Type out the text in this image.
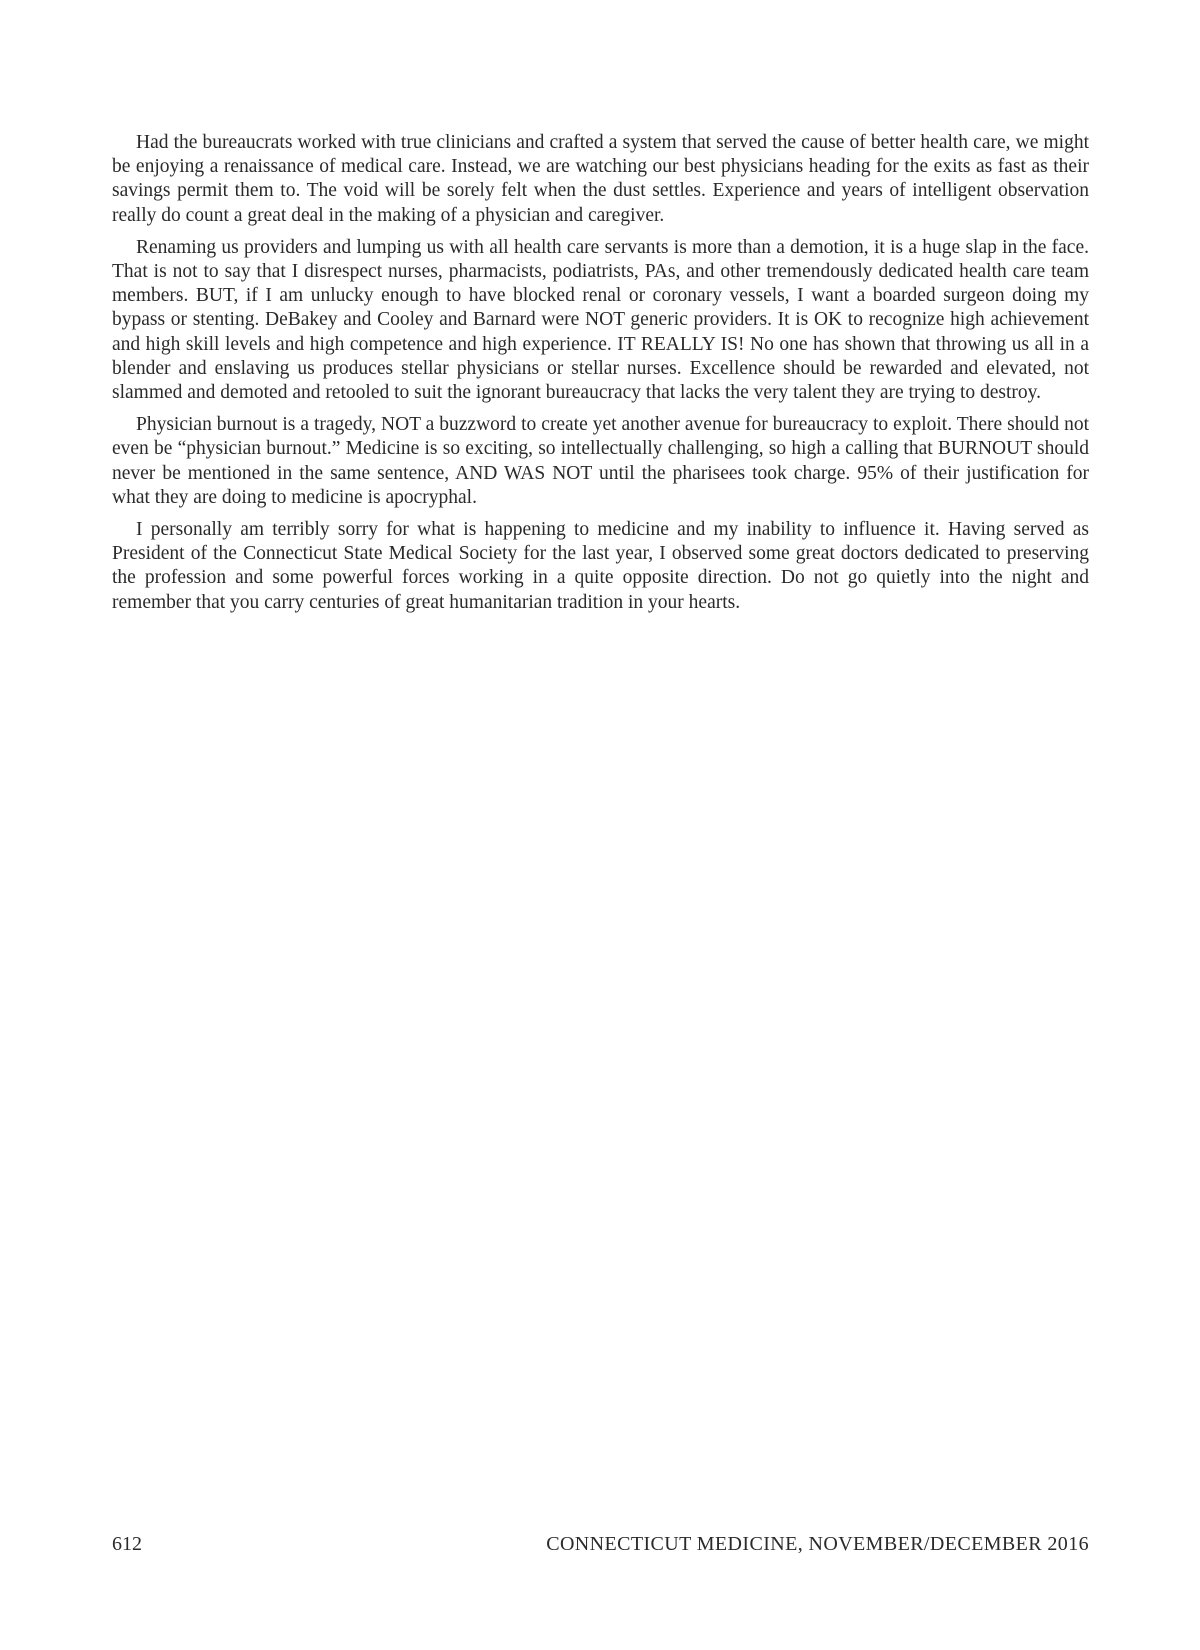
Had the bureaucrats worked with true clinicians and crafted a system that served the cause of better health care, we might be enjoying a renaissance of medical care. Instead, we are watching our best physicians heading for the exits as fast as their savings permit them to. The void will be sorely felt when the dust settles. Experience and years of intelligent observation really do count a great deal in the making of a physician and caregiver.

Renaming us providers and lumping us with all health care servants is more than a demotion, it is a huge slap in the face. That is not to say that I disrespect nurses, pharmacists, podiatrists, PAs, and other tremendously dedicated health care team members. BUT, if I am unlucky enough to have blocked renal or coronary vessels, I want a boarded surgeon doing my bypass or stenting. DeBakey and Cooley and Barnard were NOT generic providers. It is OK to recognize high achievement and high skill levels and high competence and high experience. IT REALLY IS! No one has shown that throwing us all in a blender and enslaving us produces stellar physicians or stellar nurses. Excellence should be rewarded and elevated, not slammed and demoted and retooled to suit the ignorant bureaucracy that lacks the very talent they are trying to destroy.

Physician burnout is a tragedy, NOT a buzzword to create yet another avenue for bureaucracy to exploit. There should not even be “physician burnout.” Medicine is so exciting, so intellectually challenging, so high a calling that BURNOUT should never be mentioned in the same sentence, AND WAS NOT until the pharisees took charge. 95% of their justification for what they are doing to medicine is apocryphal.

I personally am terribly sorry for what is happening to medicine and my inability to influence it. Having served as President of the Connecticut State Medical Society for the last year, I observed some great doctors dedicated to preserving the profession and some powerful forces working in a quite opposite direction. Do not go quietly into the night and remember that you carry centuries of great humanitarian tradition in your hearts.

612	CONNECTICUT MEDICINE, NOVEMBER/DECEMBER 2016
